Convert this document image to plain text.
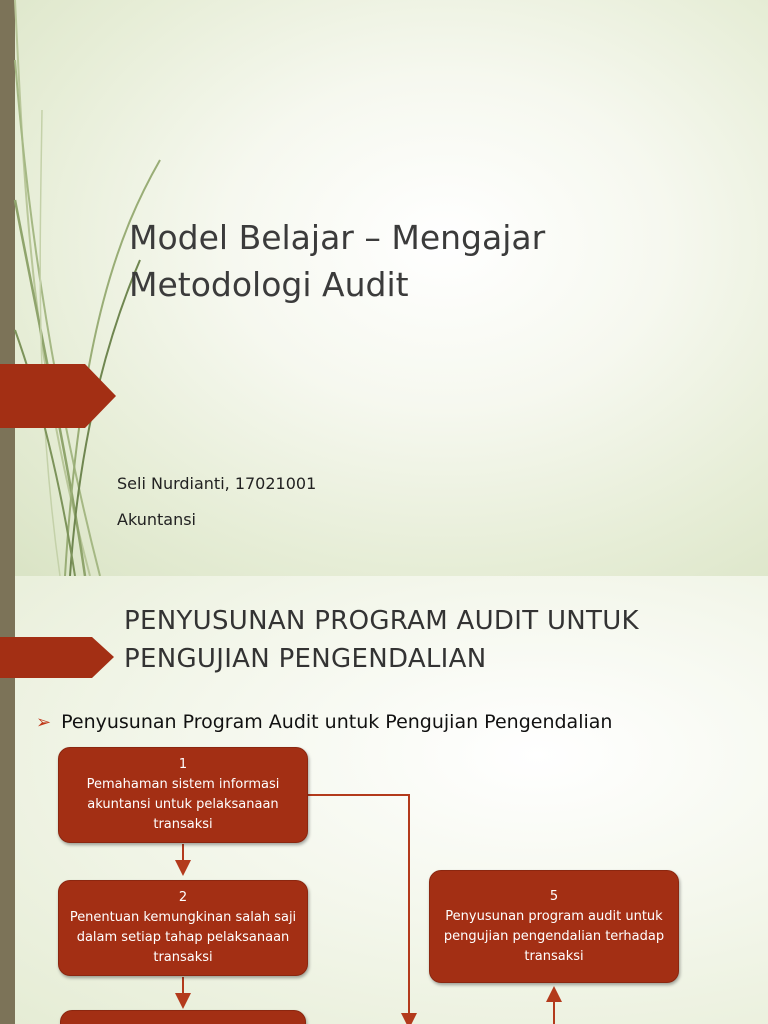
Model Belajar – Mengajar
Metodologi Audit
Seli Nurdianti, 17021001
Akuntansi
PENYUSUNAN PROGRAM AUDIT UNTUK
PENGUJIAN PENGENDALIAN
➢ Penyusunan Program Audit untuk Pengujian Pengendalian
1
Pemahaman sistem informasi akuntansi untuk pelaksanaan transaksi
2
Penentuan kemungkinan salah saji dalam setiap tahap pelaksanaan transaksi
5
Penyusunan program audit untuk pengujian pengendalian terhadap transaksi
